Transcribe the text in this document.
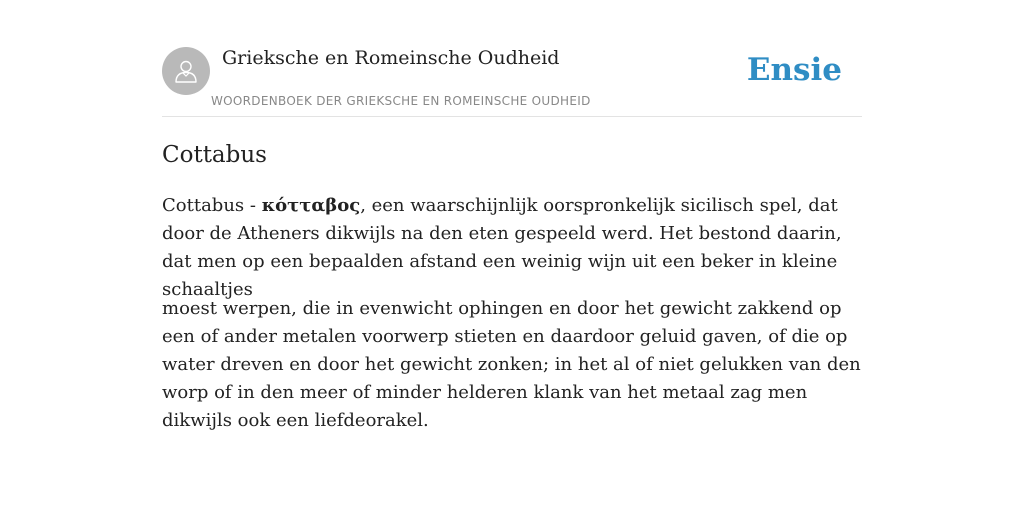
Grieksche en Romeinsche Oudheid
WOORDENBOEK DER GRIEKSCHE EN ROMEINSCHE OUDHEID
Ensie
Cottabus

Cottabus - κότταβος, een waarschijnlijk oorspronkelijk sicilisch spel, dat door de Atheners dikwijls na den eten gespeeld werd. Het bestond daarin, dat men op een bepaalden afstand een weinig wijn uit een beker in kleine schaaltjes

moest werpen, die in evenwicht ophingen en door het gewicht zakkend op een of ander metalen voorwerp stieten en daardoor geluid gaven, of die op water dreven en door het gewicht zonken; in het al of niet gelukken van den worp of in den meer of minder helderen klank van het metaal zag men dikwijls ook een liefdeorakel.
